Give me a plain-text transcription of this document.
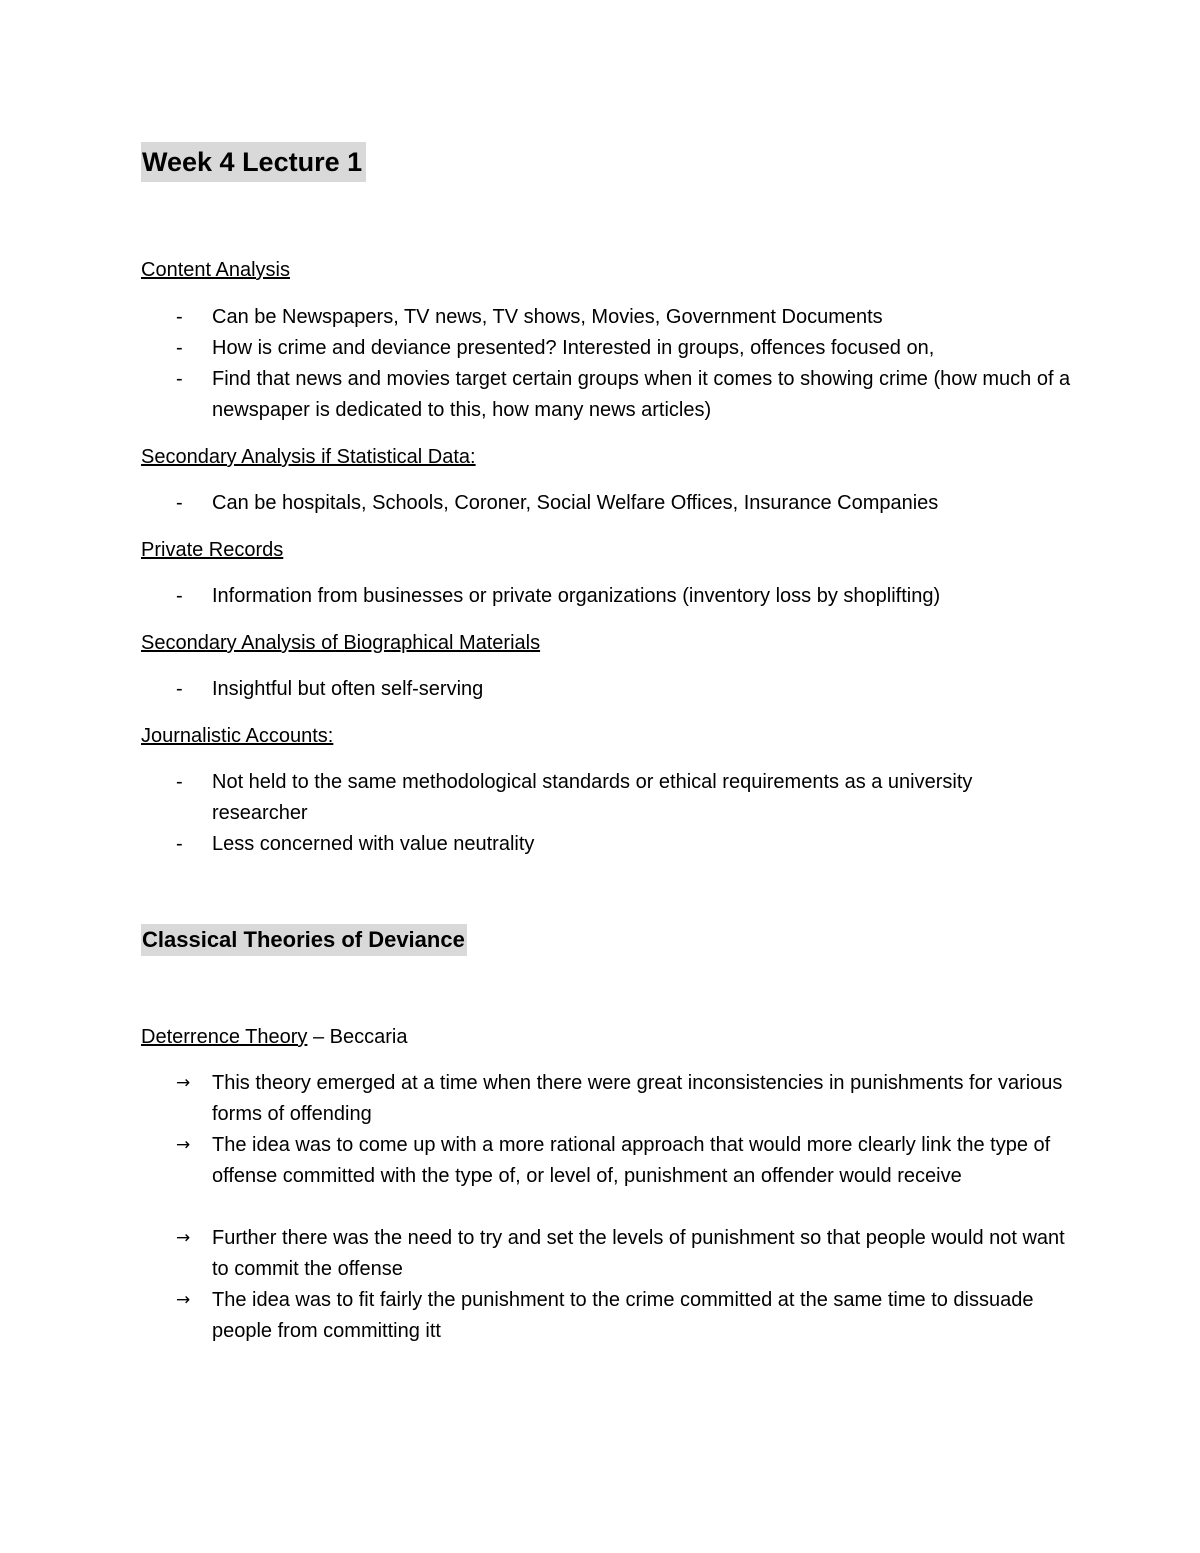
Week 4 Lecture 1
Content Analysis
-	Can be Newspapers, TV news, TV shows, Movies, Government Documents
-	How is crime and deviance presented? Interested in groups, offences focused on,
-	Find that news and movies target certain groups when it comes to showing crime (how much of a newspaper is dedicated to this, how many news articles)
Secondary Analysis if Statistical Data:
-	Can be hospitals, Schools, Coroner, Social Welfare Offices, Insurance Companies
Private Records
-	Information from businesses or private organizations (inventory loss by shoplifting)
Secondary Analysis of Biographical Materials
-	Insightful but often self-serving
Journalistic Accounts:
-	Not held to the same methodological standards or ethical requirements as a university researcher
-	Less concerned with value neutrality
Classical Theories of Deviance
Deterrence Theory – Beccaria
→	This theory emerged at a time when there were great inconsistencies in punishments for various forms of offending
→	The idea was to come up with a more rational approach that would more clearly link the type of offense committed with the type of, or level of, punishment an offender would receive
→	Further there was the need to try and set the levels of punishment so that people would not want to commit the offense
→	The idea was to fit fairly the punishment to the crime committed at the same time to dissuade people from committing itt
